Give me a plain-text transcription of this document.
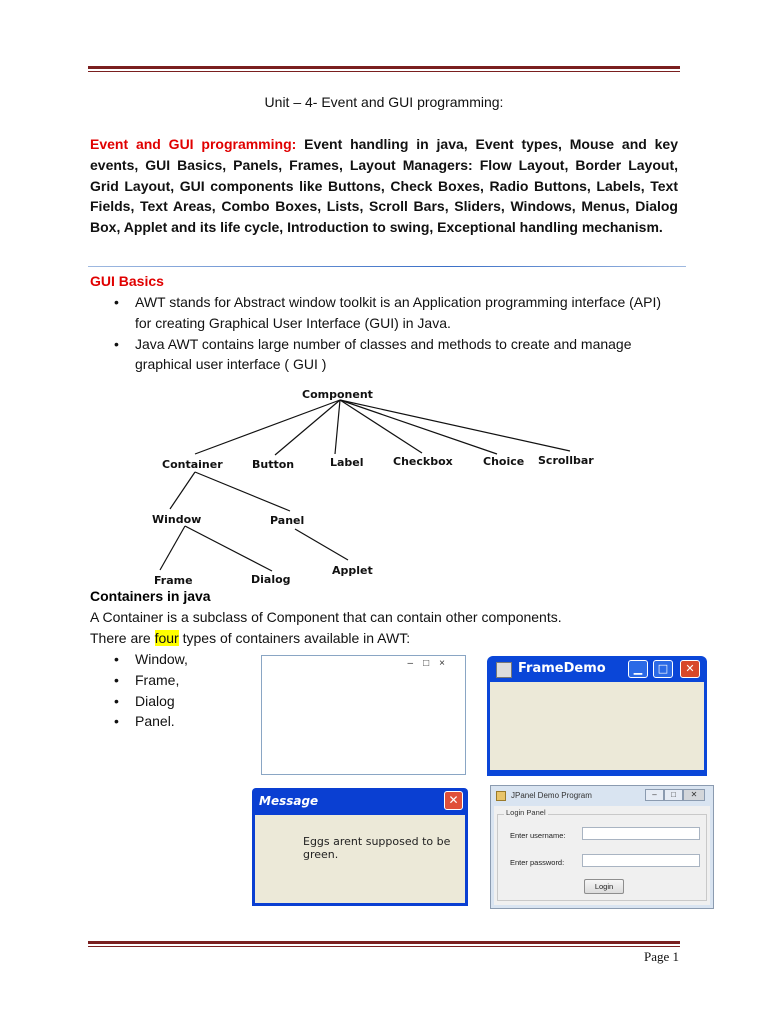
Unit – 4- Event and GUI programming:
Event and GUI programming: Event handling in java, Event types, Mouse and key events, GUI Basics, Panels, Frames, Layout Managers: Flow Layout, Border Layout, Grid Layout, GUI components like Buttons, Check Boxes, Radio Buttons, Labels, Text Fields, Text Areas, Combo Boxes, Lists, Scroll Bars, Sliders, Windows, Menus, Dialog Box, Applet and its life cycle, Introduction to swing, Exceptional handling mechanism.
GUI Basics
• AWT stands for Abstract window toolkit is an Application programming interface (API) for creating Graphical User Interface (GUI) in Java.
• Java AWT contains large number of classes and methods to create and manage graphical user interface ( GUI )
Component
Container	Button	Label	Checkbox	Choice Scrollbar
Window	Panel
Frame	Dialog
Applet
Containers in java
A Container is a subclass of Component that can contain other components.
There are four types of containers available in AWT:
• Window,
• Frame,
• Dialog
• Panel.
–□×	FrameDemo	▁	□	✕
Message	✕
Eggs arent supposed to be green.
JPanel Demo Program	– □ ✕
Login Panel
Enter username:
Enter password:
Login
Page 1
